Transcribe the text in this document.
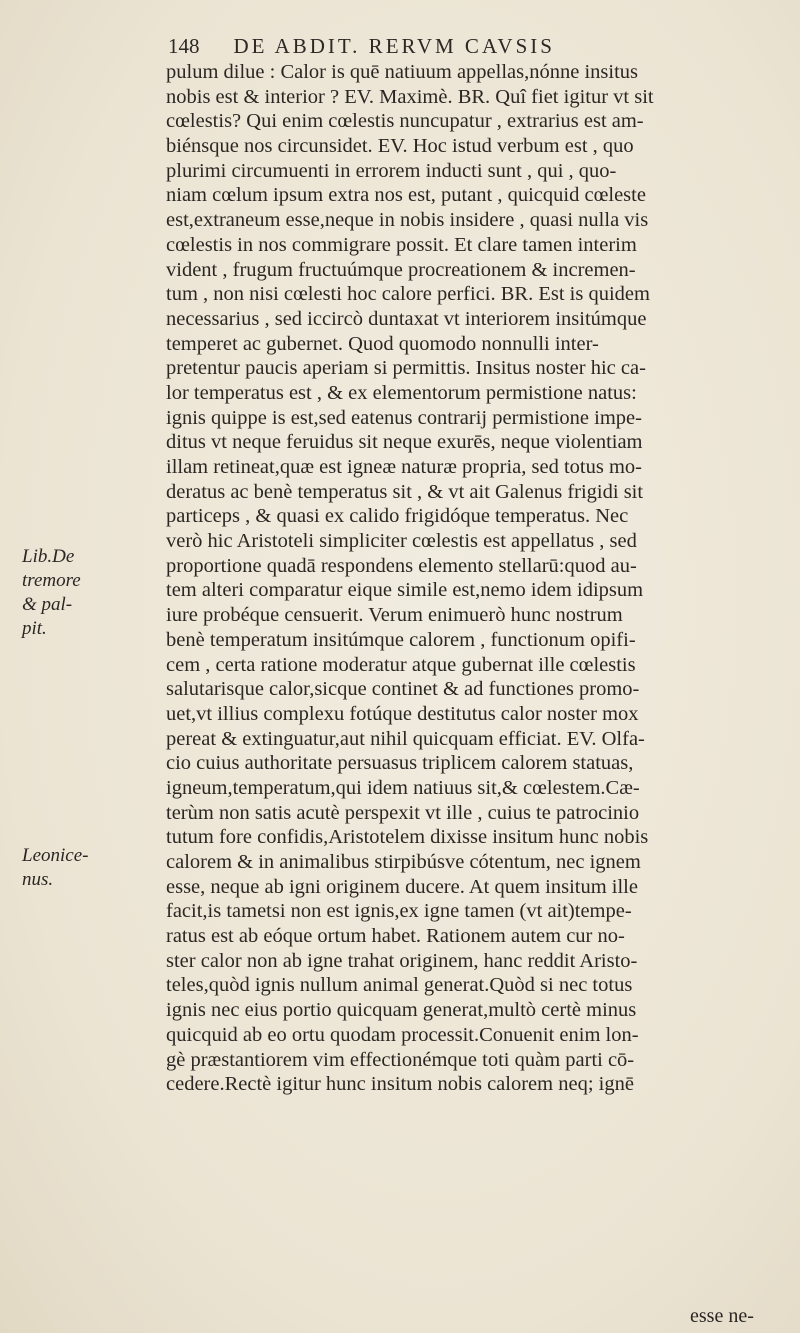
148 DE ABDIT. RERVM CAVSIS
pulum dilue : Calor is quē natiuum appellas,nónne insitus
nobis est & interior ? EV. Maximè. BR. Quî fiet igitur vt sit
cœlestis? Qui enim cœlestis nuncupatur , extrarius est am-
biénsque nos circunsidet. EV. Hoc istud verbum est , quo
plurimi circumuenti in errorem inducti sunt , qui , quo-
niam cœlum ipsum extra nos est, putant , quicquid cœleste
est,extraneum esse,neque in nobis insidere , quasi nulla vis
cœlestis in nos commigrare possit. Et clare tamen interim
vident , frugum fructuúmque procreationem & incremen-
tum , non nisi cœlesti hoc calore perfici. BR. Est is quidem
necessarius , sed iccircò duntaxat vt interiorem insitúmque
temperet ac gubernet. Quod quomodo nonnulli inter-
pretentur paucis aperiam si permittis. Insitus noster hic ca-
lor temperatus est , & ex elementorum permistione natus:
ignis quippe is est,sed eatenus contrarij permistione impe-
ditus vt neque feruidus sit neque exurēs, neque violentiam
illam retineat,quæ est igneæ naturæ propria, sed totus mo-
deratus ac benè temperatus sit , & vt ait Galenus frigidi sit
particeps , & quasi ex calido frigidóque temperatus. Nec
verò hic Aristoteli simpliciter cœlestis est appellatus , sed
proportione quadā respondens elemento stellarū:quod au-
tem alteri comparatur eique simile est,nemo idem idipsum
iure probéque censuerit. Verum enimuerò hunc nostrum
benè temperatum insitúmque calorem , functionum opifi-
cem , certa ratione moderatur atque gubernat ille cœlestis
salutarisque calor,sicque continet & ad functiones promo-
uet,vt illius complexu fotúque destitutus calor noster mox
pereat & extinguatur,aut nihil quicquam efficiat. EV. Olfa-
cio cuius authoritate persuasus triplicem calorem statuas,
igneum,temperatum,qui idem natiuus sit,& cœlestem.Cæ-
terùm non satis acutè perspexit vt ille , cuius te patrocinio
tutum fore confidis,Aristotelem dixisse insitum hunc nobis
calorem & in animalibus stirpibúsve cótentum, nec ignem
esse, neque ab igni originem ducere. At quem insitum ille
facit,is tametsi non est ignis,ex igne tamen (vt ait)tempe-
ratus est ab eóque ortum habet. Rationem autem cur no-
ster calor non ab igne trahat originem, hanc reddit Aristo-
teles,quòd ignis nullum animal generat.Quòd si nec totus
ignis nec eius portio quicquam generat,multò certè minus
quicquid ab eo ortu quodam processit.Conuenit enim lon-
gè præstantiorem vim effectionémque toti quàm parti cō-
cedere.Rectè igitur hunc insitum nobis calorem neq; ignē
Lib.De
tremore
& pal-
pit.
Leonice-
nus.
esse ne-
